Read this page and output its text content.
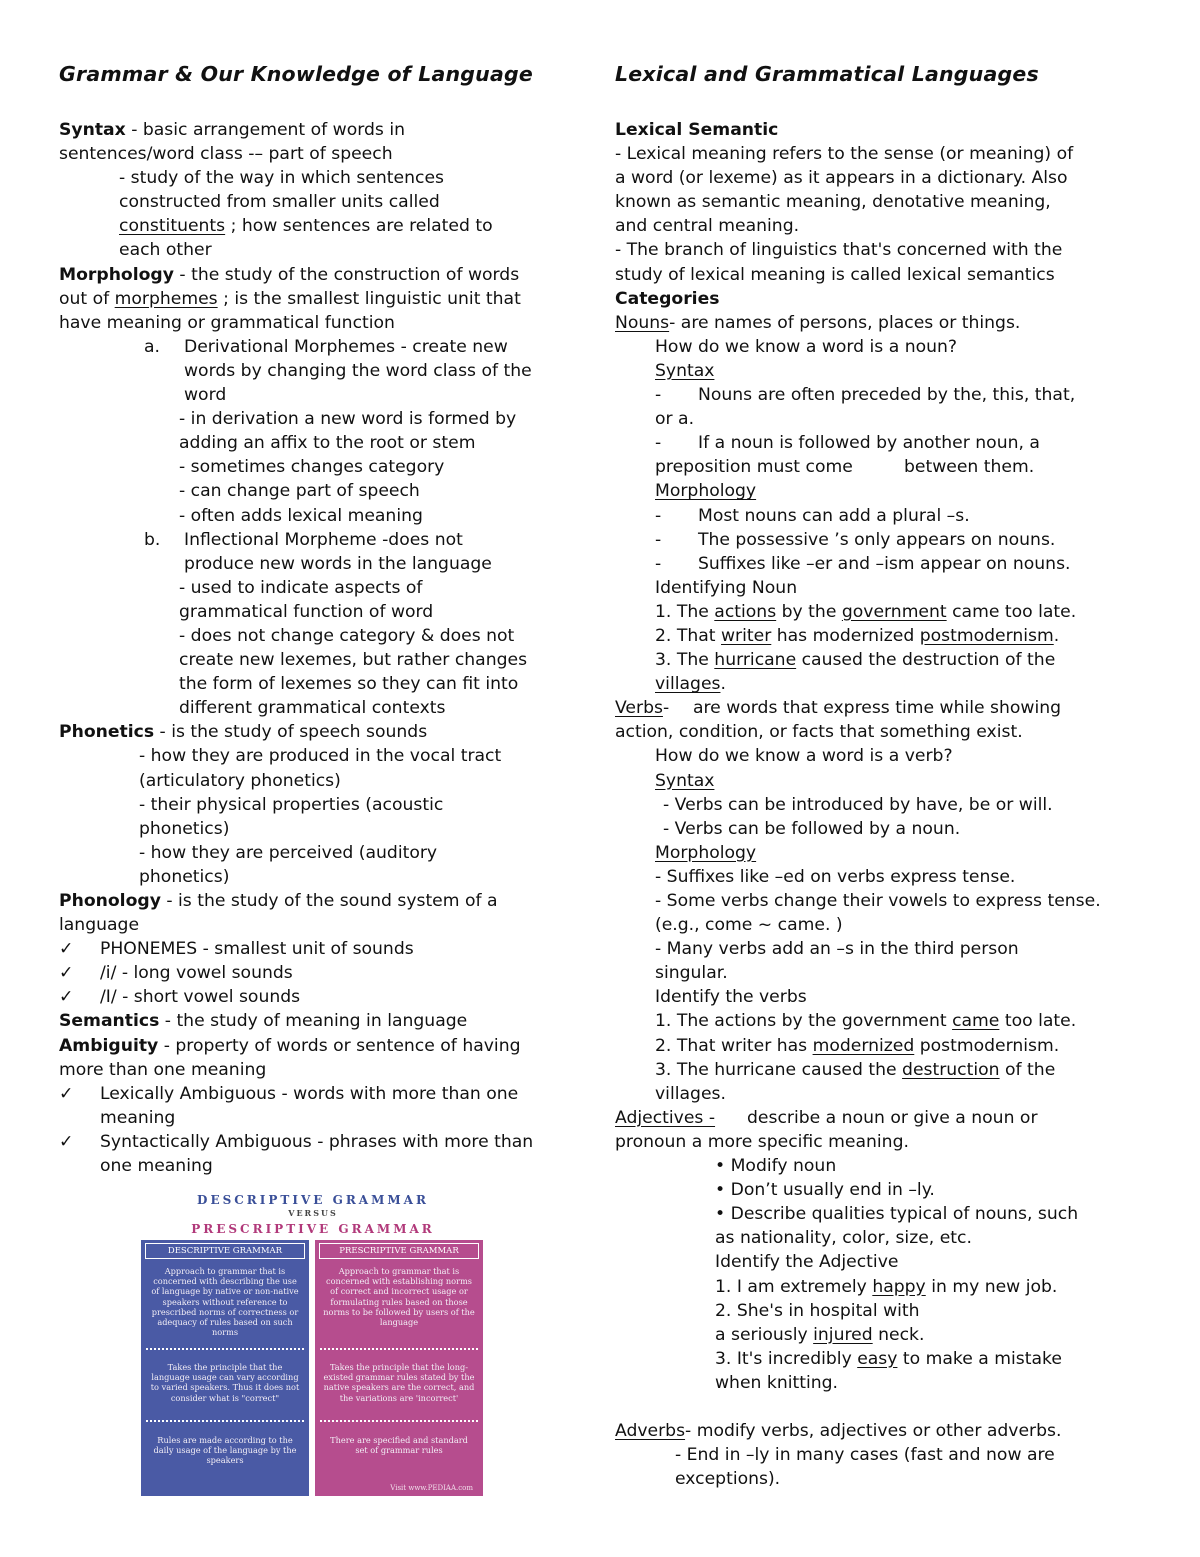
Grammar & Our Knowledge of Language
Syntax - basic arrangement of words in
sentences/word class -– part of speech
- study of the way in which sentences
constructed from smaller units called
constituents ; how sentences are related to
each other
Morphology - the study of the construction of words
out of morphemes ; is the smallest linguistic unit that
have meaning or grammatical function
a. Derivational Morphemes - create new
words by changing the word class of the
word
- in derivation a new word is formed by
adding an affix to the root or stem
- sometimes changes category
- can change part of speech
- often adds lexical meaning
b. Inflectional Morpheme -does not
produce new words in the language
- used to indicate aspects of
grammatical function of word
- does not change category & does not
create new lexemes, but rather changes
the form of lexemes so they can fit into
different grammatical contexts
Phonetics - is the study of speech sounds
- how they are produced in the vocal tract
(articulatory phonetics)
- their physical properties (acoustic
phonetics)
- how they are perceived (auditory
phonetics)
Phonology - is the study of the sound system of a
language
✓ PHONEMES - smallest unit of sounds
✓ /i/ - long vowel sounds
✓ /I/ - short vowel sounds
Semantics - the study of meaning in language
Ambiguity - property of words or sentence of having
more than one meaning
✓ Lexically Ambiguous - words with more than one
meaning
✓ Syntactically Ambiguous - phrases with more than
one meaning
DESCRIPTIVE GRAMMAR
VERSUS
PRESCRIPTIVE GRAMMAR
DESCRIPTIVE GRAMMAR
Approach to grammar that is concerned with describing the use of language by native or non-native speakers without reference to prescribed norms of correctness or adequacy of rules based on such norms
Takes the principle that the language usage can vary according to varied speakers. Thus it does not consider what is "correct"
Rules are made according to the daily usage of the language by the speakers
PRESCRIPTIVE GRAMMAR
Approach to grammar that is concerned with establishing norms of correct and incorrect usage or formulating rules based on those norms to be followed by users of the language
Takes the principle that the long-existed grammar rules stated by the native speakers are the correct, and the variations are 'incorrect'
There are specified and standard set of grammar rules
Visit www.PEDIAA.com
Lexical and Grammatical Languages
Lexical Semantic
- Lexical meaning refers to the sense (or meaning) of
a word (or lexeme) as it appears in a dictionary. Also
known as semantic meaning, denotative meaning,
and central meaning.
- The branch of linguistics that's concerned with the
study of lexical meaning is called lexical semantics
Categories
Nouns- are names of persons, places or things.
How do we know a word is a noun?
Syntax
- Nouns are often preceded by the, this, that,
or a.
- If a noun is followed by another noun, a
preposition must come	between them.
Morphology
- Most nouns can add a plural –s.
- The possessive ’s only appears on nouns.
- Suffixes like –er and –ism appear on nouns.
Identifying Noun
1. The actions by the government came too late.
2. That writer has modernized postmodernism.
3. The hurricane caused the destruction of the
villages.
Verbs- are words that express time while showing
action, condition, or facts that something exist.
How do we know a word is a verb?
Syntax
- Verbs can be introduced by have, be or will.
- Verbs can be followed by a noun.
Morphology
- Suffixes like –ed on verbs express tense.
- Some verbs change their vowels to express tense.
(e.g., come ~ came. )
- Many verbs add an –s in the third person
singular.
Identify the verbs
1. The actions by the government came too late.
2. That writer has modernized postmodernism.
3. The hurricane caused the destruction of the
villages.
Adjectives - describe a noun or give a noun or
pronoun a more specific meaning.
• Modify noun
• Don’t usually end in –ly.
• Describe qualities typical of nouns, such
as nationality, color, size, etc.
Identify the Adjective
1. I am extremely happy in my new job.
2. She's in hospital with
a seriously injured neck.
3. It's incredibly easy to make a mistake
when knitting.
Adverbs- modify verbs, adjectives or other adverbs.
- End in –ly in many cases (fast and now are
exceptions).
